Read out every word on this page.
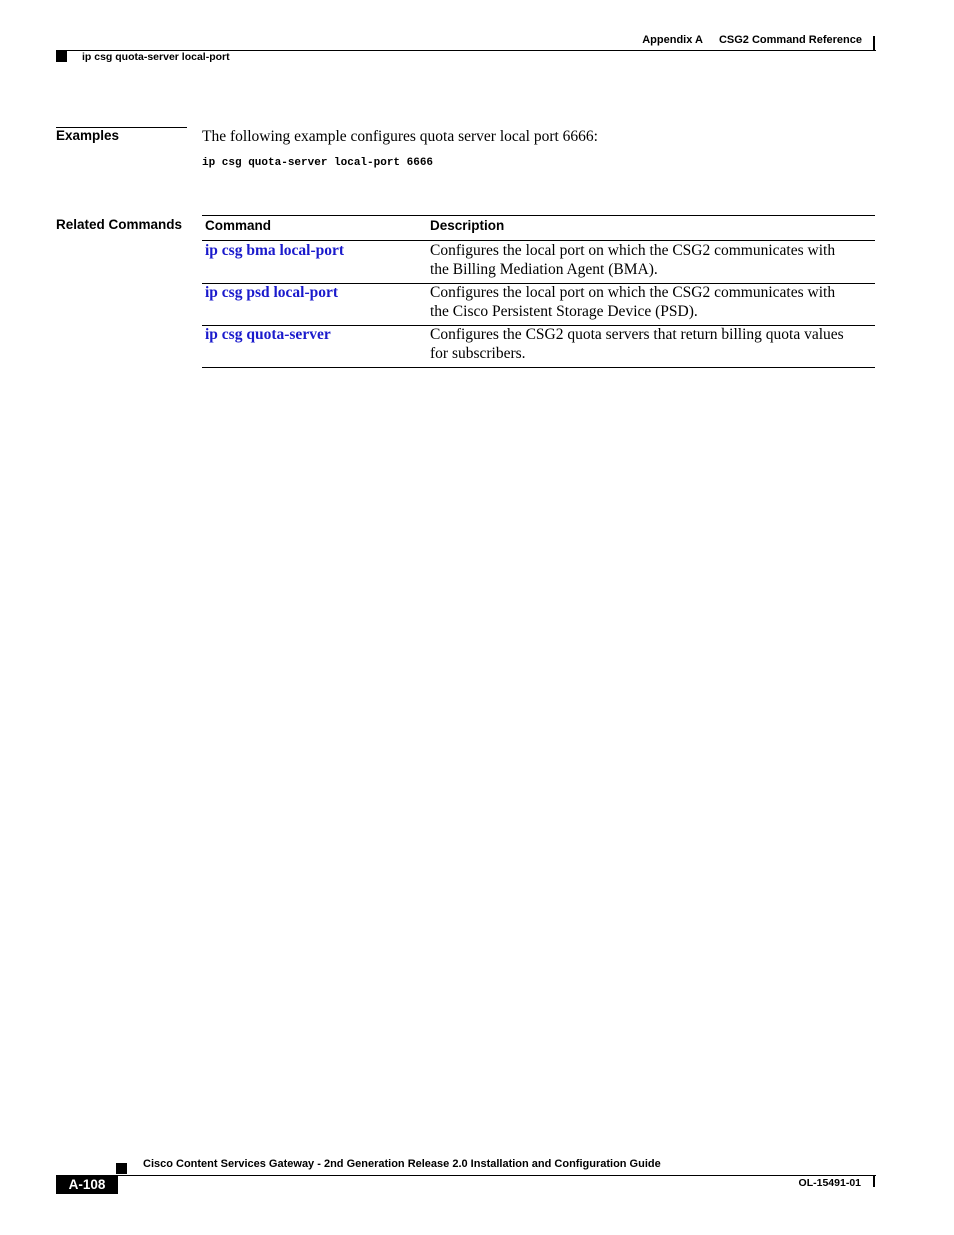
Appendix A CSG2 Command Reference
ip csg quota-server local-port
Examples	The following example configures quota server local port 6666:
ip csg quota-server local-port 6666
Related Commands Command	Description
ip csg bma local-port	Configures the local port on which the CSG2 communicates with
the Billing Mediation Agent (BMA).
ip csg psd local-port	Configures the local port on which the CSG2 communicates with
the Cisco Persistent Storage Device (PSD).
ip csg quota-server	Configures the CSG2 quota servers that return billing quota values
for subscribers.
Cisco Content Services Gateway - 2nd Generation Release 2.0 Installation and Configuration Guide
A-108	OL-15491-01
